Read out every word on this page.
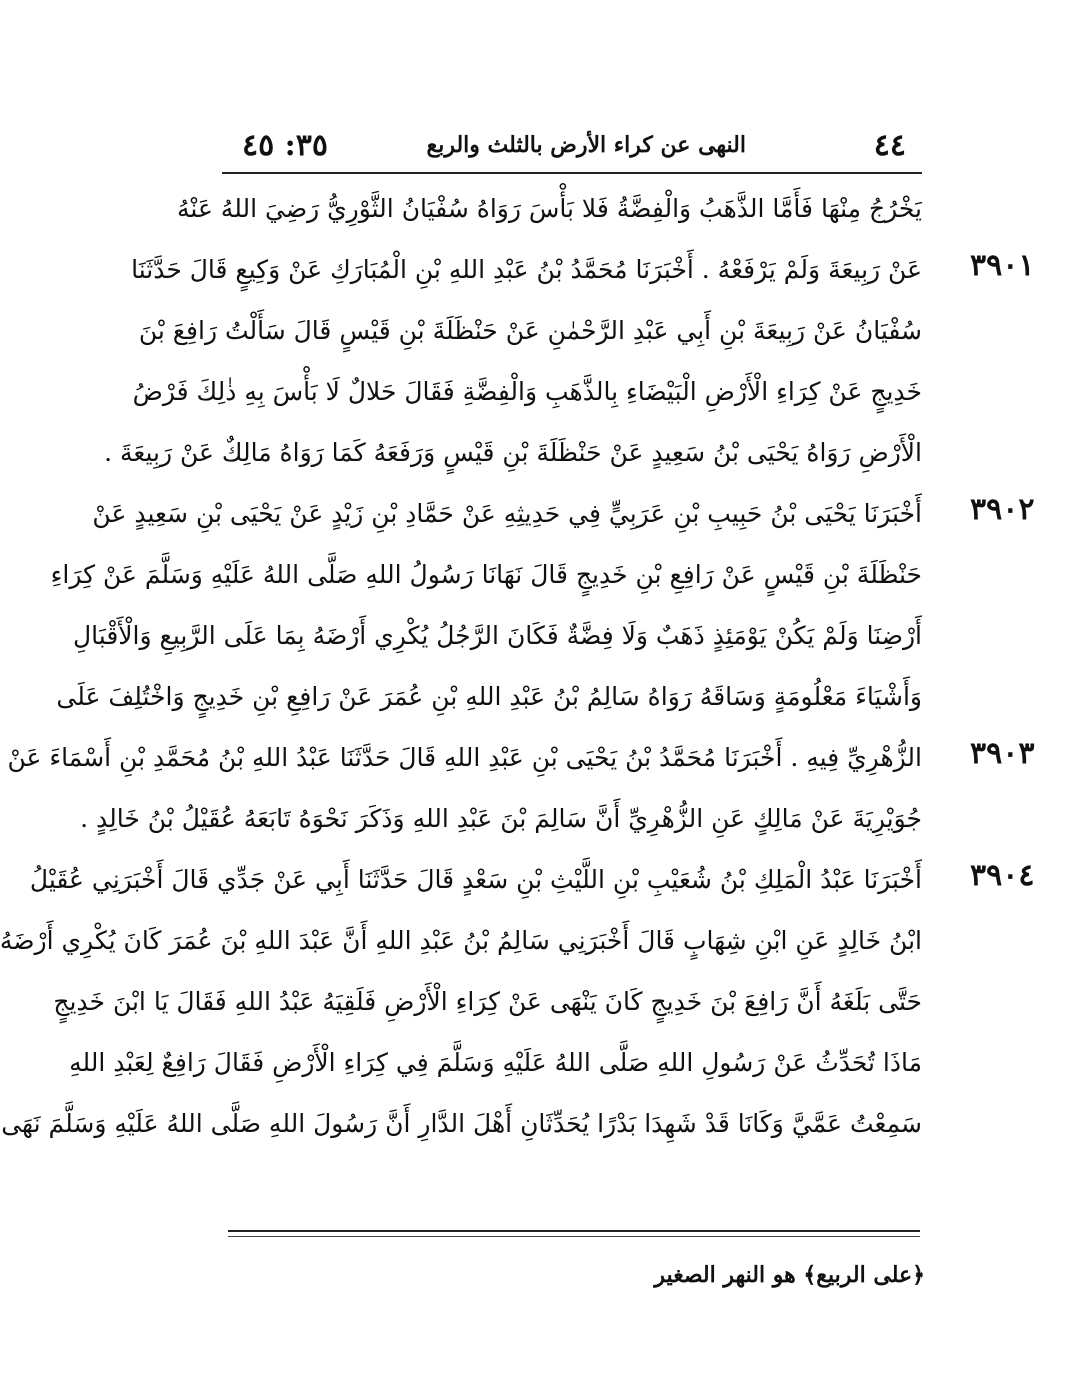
٤٤
النهى عن كراء الأرض بالثلث والربع
٣٥: ٤٥
يَخْرُجُ مِنْهَا فَأَمَّا الذَّهَبُ وَالْفِضَّةُ فَلا بَأْسَ رَوَاهُ سُفْيَانُ الثَّوْرِيُّ رَضِيَ اللهُ عَنْهُ
عَنْ رَبِيعَةَ وَلَمْ يَرْفَعْهُ . أَخْبَرَنَا مُحَمَّدُ بْنُ عَبْدِ اللهِ بْنِ الْمُبَارَكِ عَنْ وَكِيعٍ قَالَ حَدَّثَنَا
سُفْيَانُ عَنْ رَبِيعَةَ بْنِ أَبِي عَبْدِ الرَّحْمٰنِ عَنْ حَنْظَلَةَ بْنِ قَيْسٍ قَالَ سَأَلْتُ رَافِعَ بْنَ
خَدِيجٍ عَنْ كِرَاءِ الْأَرْضِ الْبَيْضَاءِ بِالذَّهَبِ وَالْفِضَّةِ فَقَالَ حَلالٌ لَا بَأْسَ بِهِ ذٰلِكَ فَرْضُ
الْأَرْضِ رَوَاهُ يَحْيَى بْنُ سَعِيدٍ عَنْ حَنْظَلَةَ بْنِ قَيْسٍ وَرَفَعَهُ كَمَا رَوَاهُ مَالِكٌ عَنْ رَبِيعَةَ .
أَخْبَرَنَا يَحْيَى بْنُ حَبِيبِ بْنِ عَرَبِيٍّ فِي حَدِيثِهِ عَنْ حَمَّادِ بْنِ زَيْدٍ عَنْ يَحْيَى بْنِ سَعِيدٍ عَنْ
حَنْظَلَةَ بْنِ قَيْسٍ عَنْ رَافِعِ بْنِ خَدِيجٍ قَالَ نَهَانَا رَسُولُ اللهِ صَلَّى اللهُ عَلَيْهِ وَسَلَّمَ عَنْ كِرَاءِ
أَرْضِنَا وَلَمْ يَكُنْ يَوْمَئِذٍ ذَهَبٌ وَلَا فِضَّةٌ فَكَانَ الرَّجُلُ يُكْرِي أَرْضَهُ بِمَا عَلَى الرَّبِيعِ وَالْأَقْبَالِ
وَأَشْيَاءَ مَعْلُومَةٍ وَسَاقَهُ رَوَاهُ سَالِمُ بْنُ عَبْدِ اللهِ بْنِ عُمَرَ عَنْ رَافِعِ بْنِ خَدِيجٍ وَاخْتُلِفَ عَلَى
الزُّهْرِيِّ فِيهِ . أَخْبَرَنَا مُحَمَّدُ بْنُ يَحْيَى بْنِ عَبْدِ اللهِ قَالَ حَدَّثَنَا عَبْدُ اللهِ بْنُ مُحَمَّدِ بْنِ أَسْمَاءَ عَنْ
جُوَيْرِيَةَ عَنْ مَالِكٍ عَنِ الزُّهْرِيِّ أَنَّ سَالِمَ بْنَ عَبْدِ اللهِ وَذَكَرَ نَحْوَهُ تَابَعَهُ عُقَيْلُ بْنُ خَالِدٍ .
أَخْبَرَنَا عَبْدُ الْمَلِكِ بْنُ شُعَيْبِ بْنِ اللَّيْثِ بْنِ سَعْدٍ قَالَ حَدَّثَنَا أَبِي عَنْ جَدِّي قَالَ أَخْبَرَنِي عُقَيْلُ
ابْنُ خَالِدٍ عَنِ ابْنِ شِهَابٍ قَالَ أَخْبَرَنِي سَالِمُ بْنُ عَبْدِ اللهِ أَنَّ عَبْدَ اللهِ بْنَ عُمَرَ كَانَ يُكْرِي أَرْضَهُ
حَتَّى بَلَغَهُ أَنَّ رَافِعَ بْنَ خَدِيجٍ كَانَ يَنْهَى عَنْ كِرَاءِ الْأَرْضِ فَلَقِيَهُ عَبْدُ اللهِ فَقَالَ يَا ابْنَ خَدِيجٍ
مَاذَا تُحَدِّثُ عَنْ رَسُولِ اللهِ صَلَّى اللهُ عَلَيْهِ وَسَلَّمَ فِي كِرَاءِ الْأَرْضِ فَقَالَ رَافِعٌ لِعَبْدِ اللهِ
سَمِعْتُ عَمَّيَّ وَكَانَا قَدْ شَهِدَا بَدْرًا يُحَدِّثَانِ أَهْلَ الدَّارِ أَنَّ رَسُولَ اللهِ صَلَّى اللهُ عَلَيْهِ وَسَلَّمَ نَهَى
٣٩٠١
٣٩٠٢
٣٩٠٣
٣٩٠٤
﴿على الربيع﴾ هو النهر الصغير
